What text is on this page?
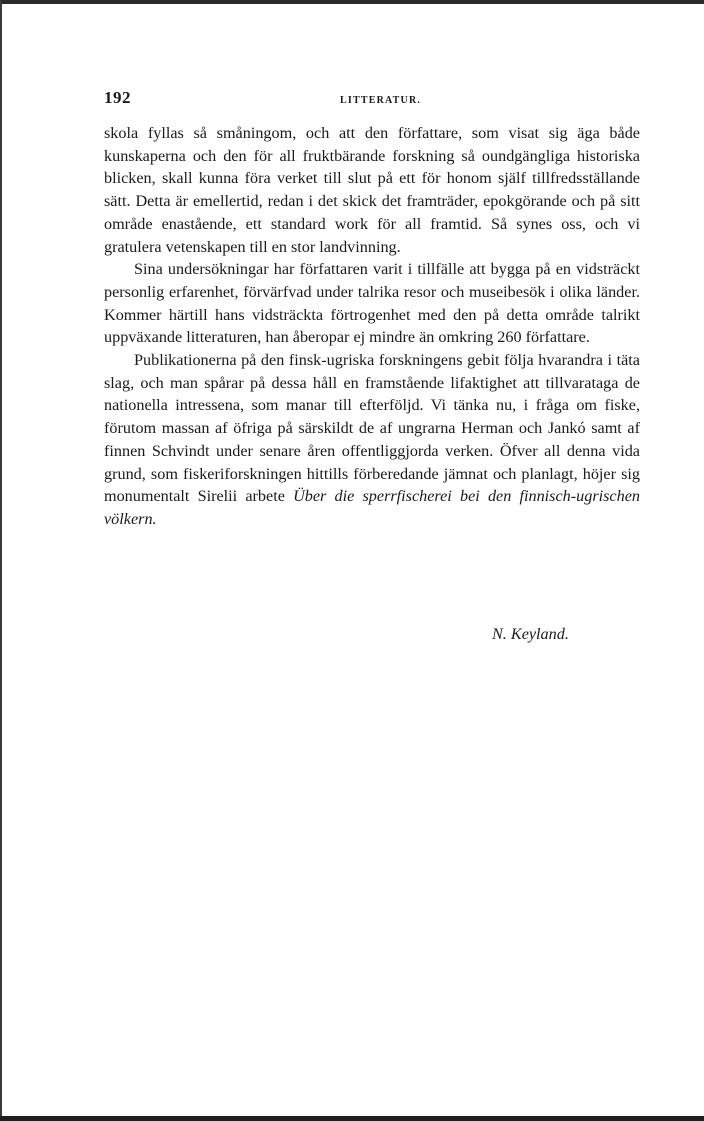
192	LITTERATUR.

skola fyllas så småningom, och att den författare, som visat sig äga både kunskaperna och den för all fruktbärande forskning så oundgängliga historiska blicken, skall kunna föra verket till slut på ett för honom själf tillfredsställande sätt. Detta är emellertid, redan i det skick det framträder, epokgörande och på sitt område enastående, ett standard work för all framtid. Så synes oss, och vi gratulera vetenskapen till en stor landvinning.

Sina undersökningar har författaren varit i tillfälle att bygga på en vidsträckt personlig erfarenhet, förvärfvad under talrika resor och museibesök i olika länder. Kommer härtill hans vidsträckta förtrogenhet med den på detta område talrikt uppväxande litteraturen, han åberopar ej mindre än omkring 260 författare.

Publikationerna på den finsk-ugriska forskningens gebit följa hvarandra i täta slag, och man spårar på dessa håll en framstående lifaktighet att tillvarataga de nationella intressena, som manar till efterföljd. Vi tänka nu, i fråga om fiske, förutom massan af öfriga på särskildt de af ungrarna Herman och Jankó samt af finnen Schvindt under senare åren offentliggjorda verken. Öfver all denna vida grund, som fiskeriforskningen hittills förberedande jämnat och planlagt, höjer sig monumentalt Sirelii arbete Über die sperrfischerei bei den finnisch-ugrischen völkern.

N. Keyland.
